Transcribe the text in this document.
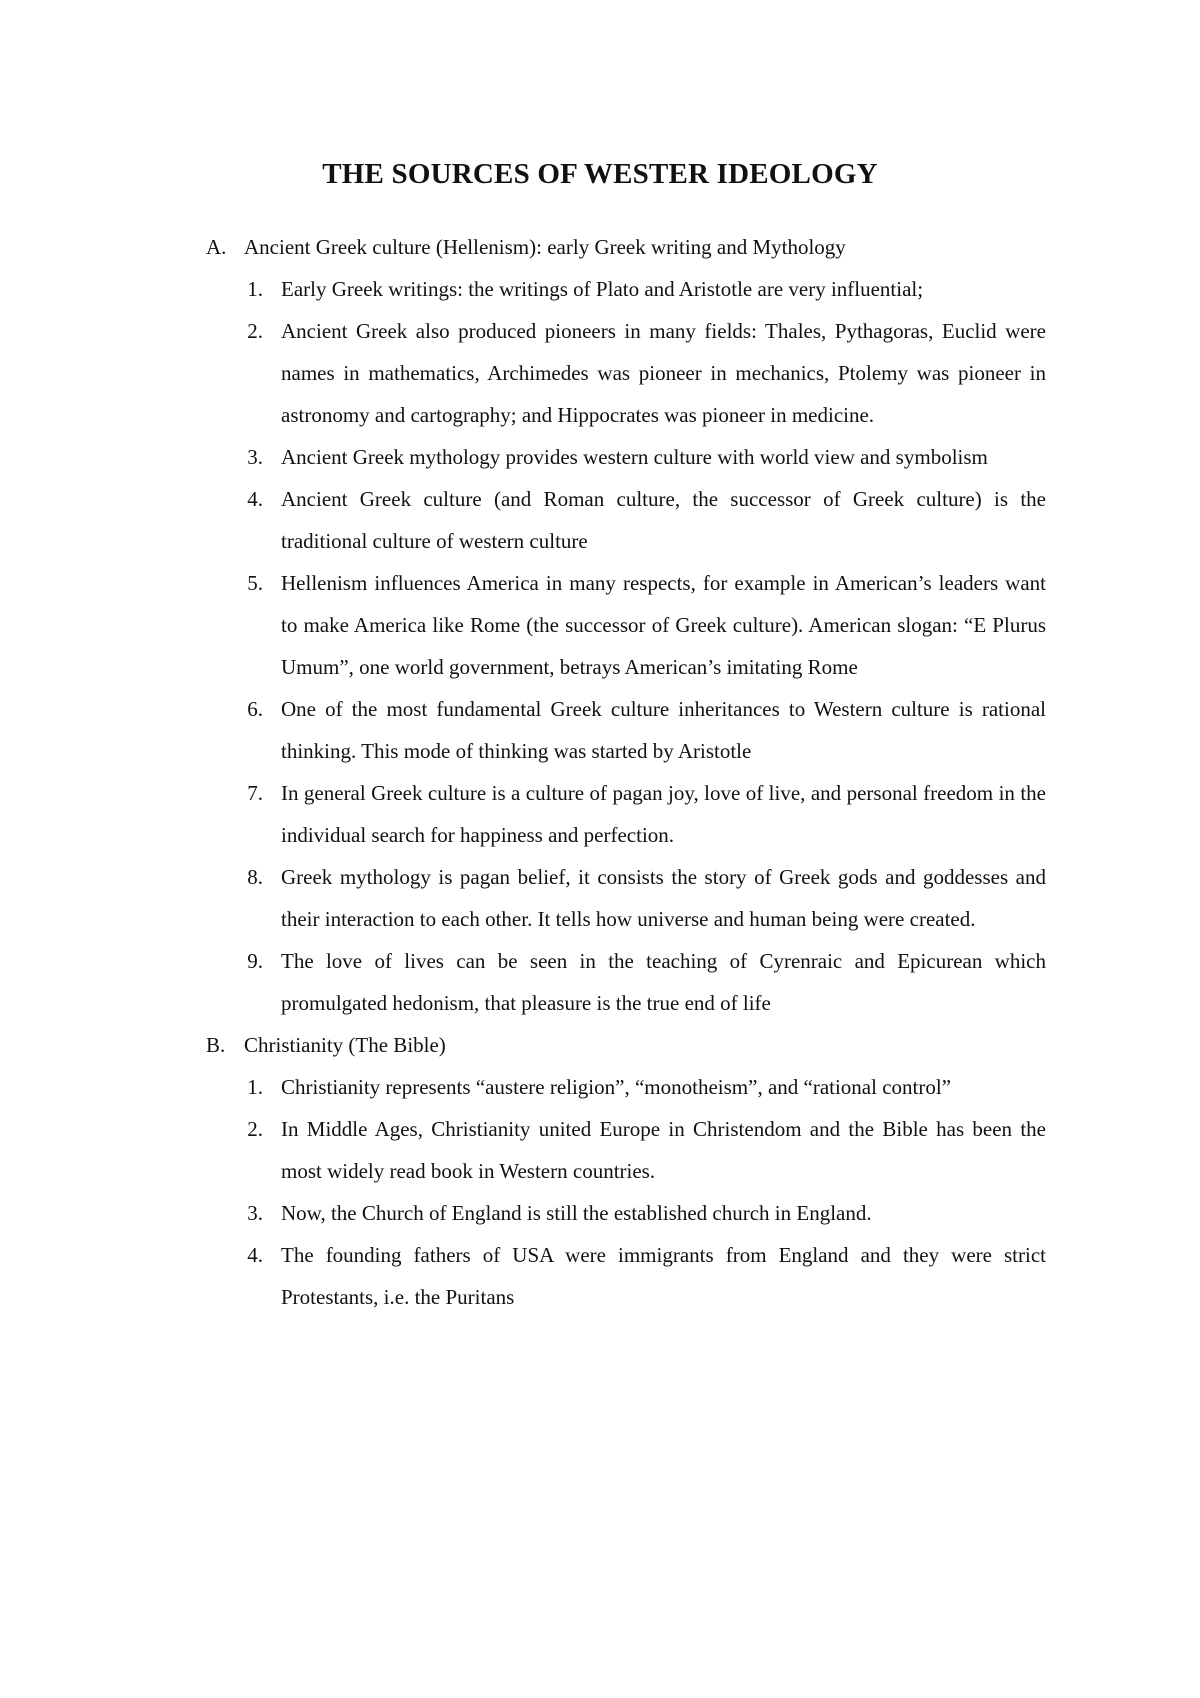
THE SOURCES OF WESTER IDEOLOGY
A. Ancient Greek culture (Hellenism): early Greek writing and Mythology
1. Early Greek writings: the writings of Plato and Aristotle are very influential;
2. Ancient Greek also produced pioneers in many fields: Thales, Pythagoras, Euclid were names in mathematics, Archimedes was pioneer in mechanics, Ptolemy was pioneer in astronomy and cartography; and Hippocrates was pioneer in medicine.
3. Ancient Greek mythology provides western culture with world view and symbolism
4. Ancient Greek culture (and Roman culture, the successor of Greek culture) is the traditional culture of western culture
5. Hellenism influences America in many respects, for example in American’s leaders want to make America like Rome (the successor of Greek culture). American slogan: “E Plurus Umum”, one world government, betrays American’s imitating Rome
6. One of the most fundamental Greek culture inheritances to Western culture is rational thinking. This mode of thinking was started by Aristotle
7. In general Greek culture is a culture of pagan joy, love of live, and personal freedom in the individual search for happiness and perfection.
8. Greek mythology is pagan belief, it consists the story of Greek gods and goddesses and their interaction to each other. It tells how universe and human being were created.
9. The love of lives can be seen in the teaching of Cyrenraic and Epicurean which promulgated hedonism, that pleasure is the true end of life
B. Christianity (The Bible)
1. Christianity represents “austere religion”, “monotheism”, and “rational control”
2. In Middle Ages, Christianity united Europe in Christendom and the Bible has been the most widely read book in Western countries.
3. Now, the Church of England is still the established church in England.
4. The founding fathers of USA were immigrants from England and they were strict Protestants, i.e. the Puritans
